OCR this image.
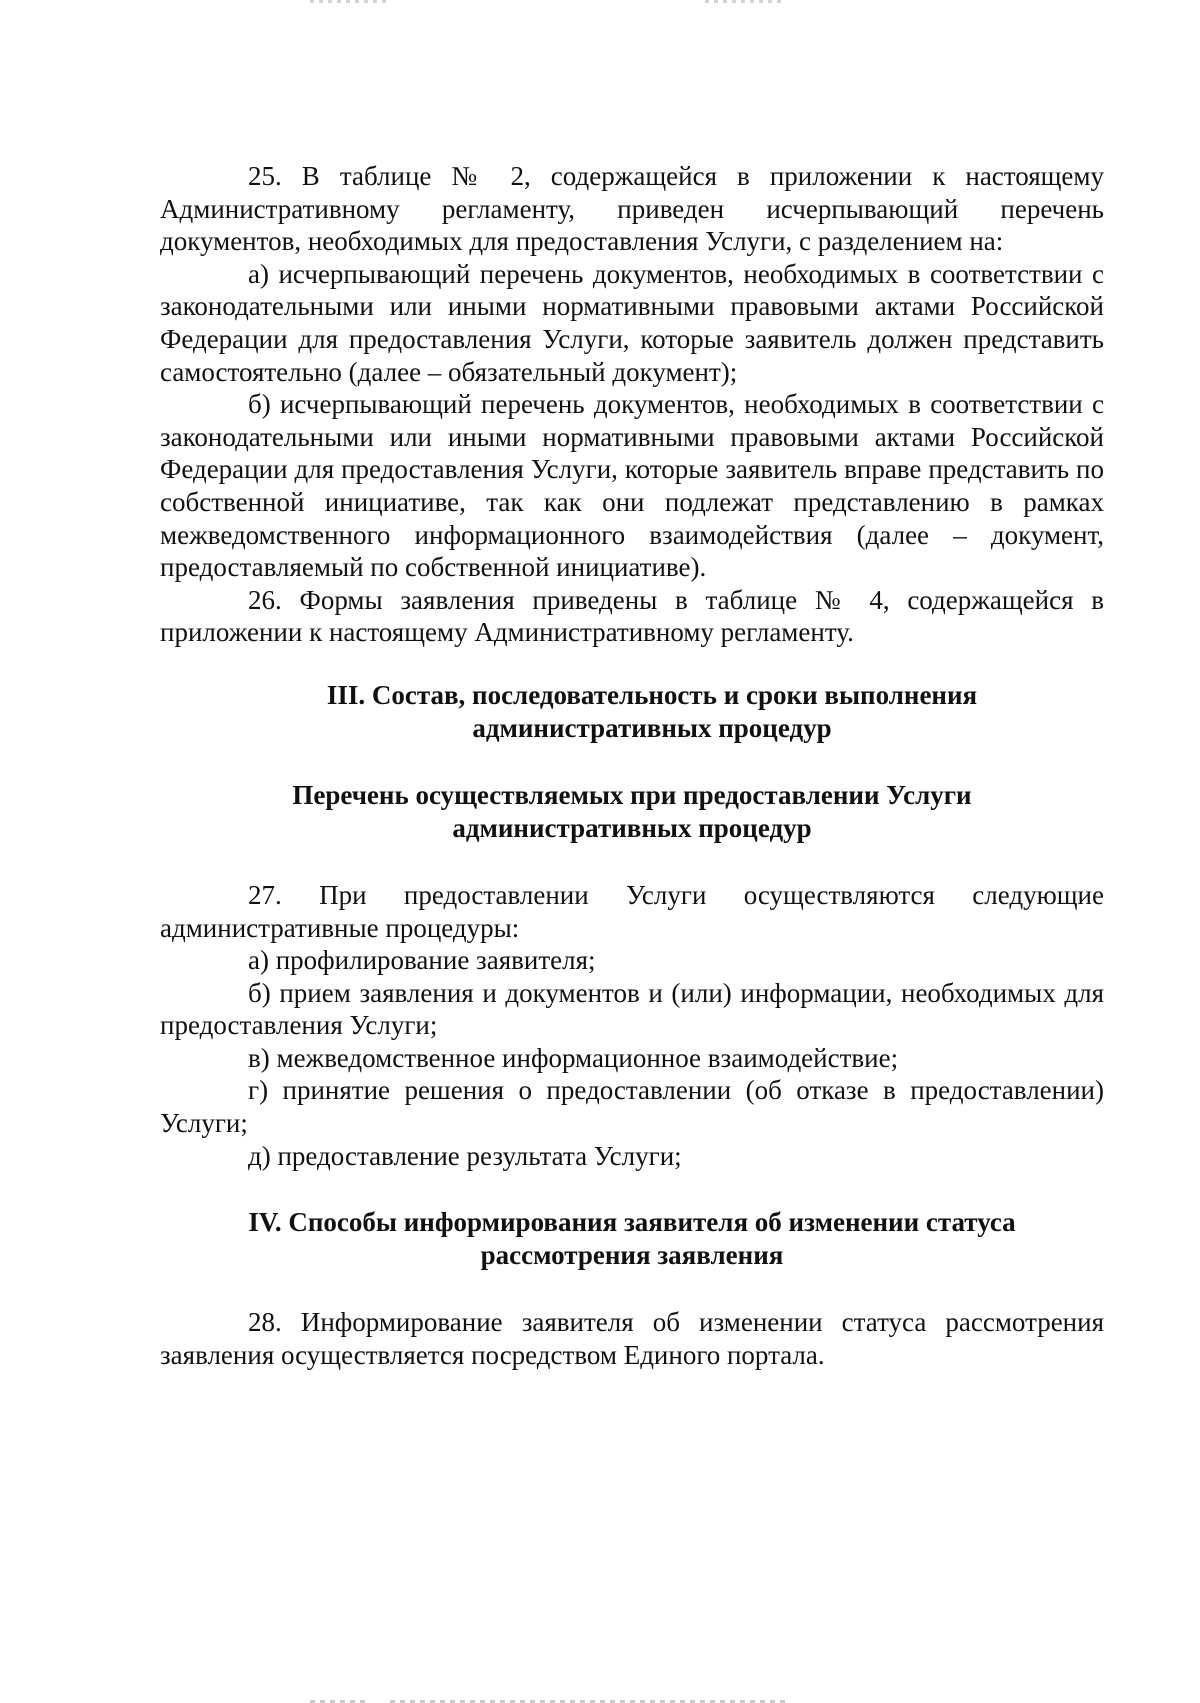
25. В таблице № 2, содержащейся в приложении к настоящему Административному регламенту, приведен исчерпывающий перечень документов, необходимых для предоставления Услуги, с разделением на:

а) исчерпывающий перечень документов, необходимых в соответствии с законодательными или иными нормативными правовыми актами Российской Федерации для предоставления Услуги, которые заявитель должен представить самостоятельно (далее – обязательный документ);

б) исчерпывающий перечень документов, необходимых в соответствии с законодательными или иными нормативными правовыми актами Российской Федерации для предоставления Услуги, которые заявитель вправе представить по собственной инициативе, так как они подлежат представлению в рамках межведомственного информационного взаимодействия (далее – документ, предоставляемый по собственной инициативе).

26. Формы заявления приведены в таблице № 4, содержащейся в приложении к настоящему Административному регламенту.

III. Состав, последовательность и сроки выполнения
административных процедур
Перечень осуществляемых при предоставлении Услуги
административных процедур

27. При предоставлении Услуги осуществляются следующие административные процедуры:

а) профилирование заявителя;

б) прием заявления и документов и (или) информации, необходимых для предоставления Услуги;

в) межведомственное информационное взаимодействие;

г) принятие решения о предоставлении (об отказе в предоставлении) Услуги;

д) предоставление результата Услуги;

IV. Способы информирования заявителя об изменении статуса
рассмотрения заявления

28. Информирование заявителя об изменении статуса рассмотрения заявления осуществляется посредством Единого портала.
